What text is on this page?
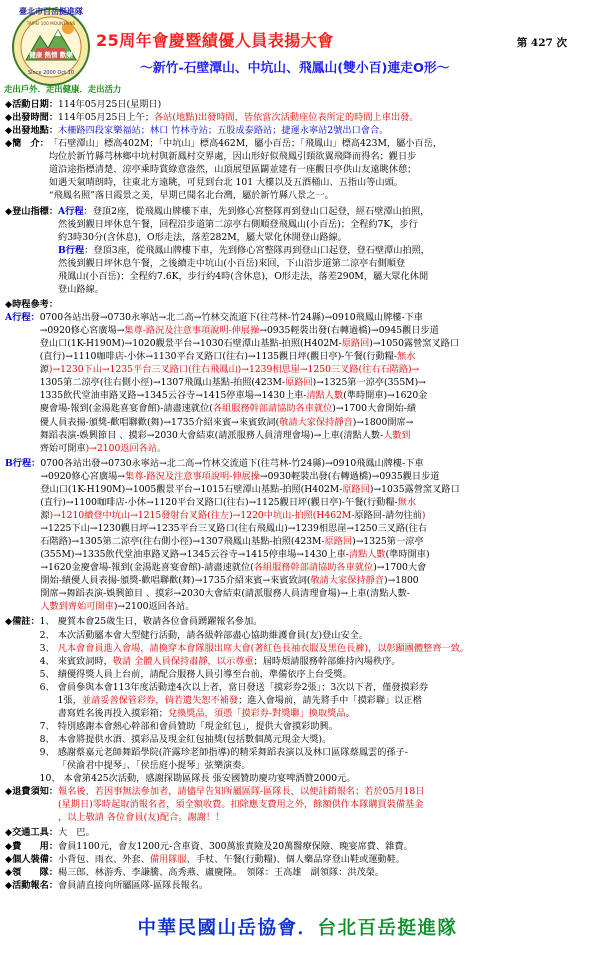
臺北市百岳挺進隊
TAIPEI 100 MOUNTAINS
健康 熱情 歡樂
Since 2000 Oct.10
25周年會慶暨績優人員表揚大會	第 427 次
～新竹-石壁潭山、中坑山、飛鳳山(雙小百)連走O形～
走出戶外．走出健康．走出活力
◆活動日期： 114年05月25日(星期日)
◆出發時間： 114年05月25日上午；各站(地點)出發時間，皆依當次活動座位表所定的時間上車出發。
◆出發地點： 木柵路四段家樂福站；林口 竹林寺站；五股成泰路站；捷運永寧站2號出口會合。
◆簡　介： 「石壁潭山」標高402M；「中坑山」標高462M，屬小百岳；「飛鳳山」標高423M，屬小百岳，
均位於新竹縣芎林鄉中坑村與新鳳村交界處，因山形好似飛鳳引頸欲翼飛降而得名；觀日步
道沿途指標清楚、涼亭乘時賞綠意盎然，山頂展望區闢並建有一座觀日亭供山友遠眺休憩；
如遇天氣晴朗時，往東北方遠眺，可見到台北 101 大樓以及五酒桶山、五指山等山頭。
“飛鳳名照”落日霞景之美，早期已聞名北台灣，屬於新竹縣八景之一。
◆登山指標： A行程：登頂2座，從飛鳳山牌樓下車，先到修心宮整隊再到登山口起登，經石壁潭山拍照，
然後到觀日坪休息午餐，回程沿步道第二涼亭右側順登飛鳳山(小百岳)；全程約7K，步行
約3時30分(含休息)，O形走法，落差282M，屬大眾化休閒登山路線。
B行程：登頂3座，從飛鳳山牌樓下車，先到修心宮整隊再到登山口起登，登石壁潭山拍照，
然後到觀日坪休息午餐，之後續走中坑山(小百岳)來回，下山沿步道第二涼亭右側順登
飛鳳山(小百岳)；全程約7.6K，步行約4時(含休息)，O形走法，落差290M，屬大眾化休閒
登山路線。
◆時程參考：
A行程： 0700各站出發→0730永寧站→北二高→竹林交流道下(往芎林-竹24縣)→0910飛鳳山牌樓-下車
→0920修心宮廣場→集尊-路況及注意事項說明-伸展操→0935輕裝出發(右轉過橋)→0945觀日步道
登山口(1K-H190M)→1020觀景平台→1030石壁潭山基點-拍照(H402M-原路回)→1050露營窯叉路口
(直行)→1110咖啡店-小休→1130平台叉路口(往右)→1135觀日坪(觀日亭)-午餐(行動糧-無水
源)→1230下山→1235平台三叉路口(往右飛鳳山)→1239相思崖→1250三叉路(往右石階路)→
1305第二涼亭(往右側小徑)→1307飛鳳山基點-拍照(423M-原路回)→1325第一涼亭(355M)→
1335飲代堂油車路叉路→1345云谷寺→1415停車場→1430上車-清點人數(準時開車)→1620金
慶會場-報到(金湯匙喜宴會館)-請盡速就位(各組服務幹部請協助各車就位)→1700大會開始-績
優人員表揚-頒獎-歡唱聯歡(舞)→1735介紹來賓→來賓致詞(敬請大家保持靜音)→1800開席→
舞蹈表演-娛興節目 、摸彩→2030大會結束(請派服務人員清理會場)→上車(清點人數-人數到
齊始可開車)→2100返回各站。
B行程： 0700各站出發→0730永寧站→北二高→竹林交流道下(往芎林-竹24縣)→0910飛鳳山牌樓-下車
→0920修心宮廣場→集尊-路況及注意事項說明-伸展操→0930輕裝出發(右轉過橋)→0935觀日步道
登山口(1K-H190M)→1005觀景平台→1015石壁潭山基點-拍照(H402M-原路回)→1035露營窯叉路口
(直行)→1100咖啡店-小休→1120平台叉路口(往右)→1125觀日坪(觀日亭)-午餐(行動糧-無水
源)→1210續登中坑山→1215發射台叉路(往左)→1220中坑山-拍照(H462M-原路回-請勿往前)
→1225下山→1230觀日坪→1235平台三叉路口(往右飛鳳山)→1239相思崖→1250三叉路(往右
石階路)→1305第二涼亭(往右側小徑)→1307飛鳳山基點-拍照(423M-原路回)→1325第一涼亭
(355M)→1335飲代堂油車路叉路→1345云谷寺→1415停車場→1430上車-清點人數(準時開車)
→1620金慶會場-報到(金湯匙喜宴會館)-請盡速就位(各組服務幹部請協助各車就位)→1700大會
開始-績優人員表揚-頒獎-歡唱聯歡(舞)→1735介紹來賓→來賓致詞(敬請大家保持靜音)→1800
開席→舞蹈表演-娛興節目 、摸彩→2030大會結束(請派服務人員清理會場)→上車(清點人數-
人數到齊始可開車)→2100返回各站。
◆備註： 1、 慶賀本會25歲生日，敬請各位會員踴躍報名參加。
2、 本次活動屬本會大型健行活動，請各級幹部盡心協助維護會員(友)登山安全。
3、 凡本會會員進入會場，請換穿本會隊服出席大會(著紅色長袖衣服及黑色長褲)，以彰顯團體整齊一致。
4、 來賓致詞時，敬請 全體人員保持肅靜，以示尊重；屆時煩請服務幹部維持內場秩序。
5、 績優得獎人員上台前，請配合服務人員引導至台前，準備依序上台受獎。
6、 會員參與本會113年度活動達4次以上者，當日發送「摸彩券2張」；3次以下者，僅發摸彩券
1張，並請妥善保管彩券，倘若遺失恕不補發；進入會場前，請先將手中「摸彩聯」以正楷
書寫姓名後再投入摸彩箱；兌換獎品，須憑「摸彩券-對獎聯」換取獎品。
7、 特別感謝本會熱心幹部和會員贊助「現金紅包」，提供大會摸彩助興。
8、 本會將提供水酒、摸彩品及現金紅包抽獎(包括數個萬元現金大獎)。
9、 感謝蔡嘉元老師舞蹈學院(許露珍老師指導)的精采舞蹈表演以及林口區隊蔡鳳雲的孫子-
「侯渝君中提琴」、「侯岳庭小提琴」弦樂演奏。
10、 本會第425次活動，感謝探勘區隊長 張安國贊助慶功宴啤酒贊2000元。
◆退費須知： 報名後，若因事無法參加者，請儘早告知所屬區隊-區隊長，以便註銷報名；若於05月18日
(星期日)零時起取消報名者，須全額收費。扣除應支費用之外，餘額供作本隊購買裝備基金
，以上敬請 各位會員(友)配合。謝謝！！
◆交通工具： 大　巴。
◆費　　用： 會員1100元，會友1200元-含車資、300萬旅責險及20萬醫療保險、晚宴席費、雜費。
◆個人裝備： 小背包、雨衣、外套、備用隊服、手杖、午餐(行動糧)、個人藥品穿登山鞋或運動鞋。
◆領　　隊： 楊三郎、林游秀、李謙騰、高秀燕、盧慶隆。　領隊：王高雄　副領隊：洪茂榮。
◆活動報名： 會員請直接向所屬區隊-區隊長報名。
中華民國山岳協會．台北百岳挺進隊
